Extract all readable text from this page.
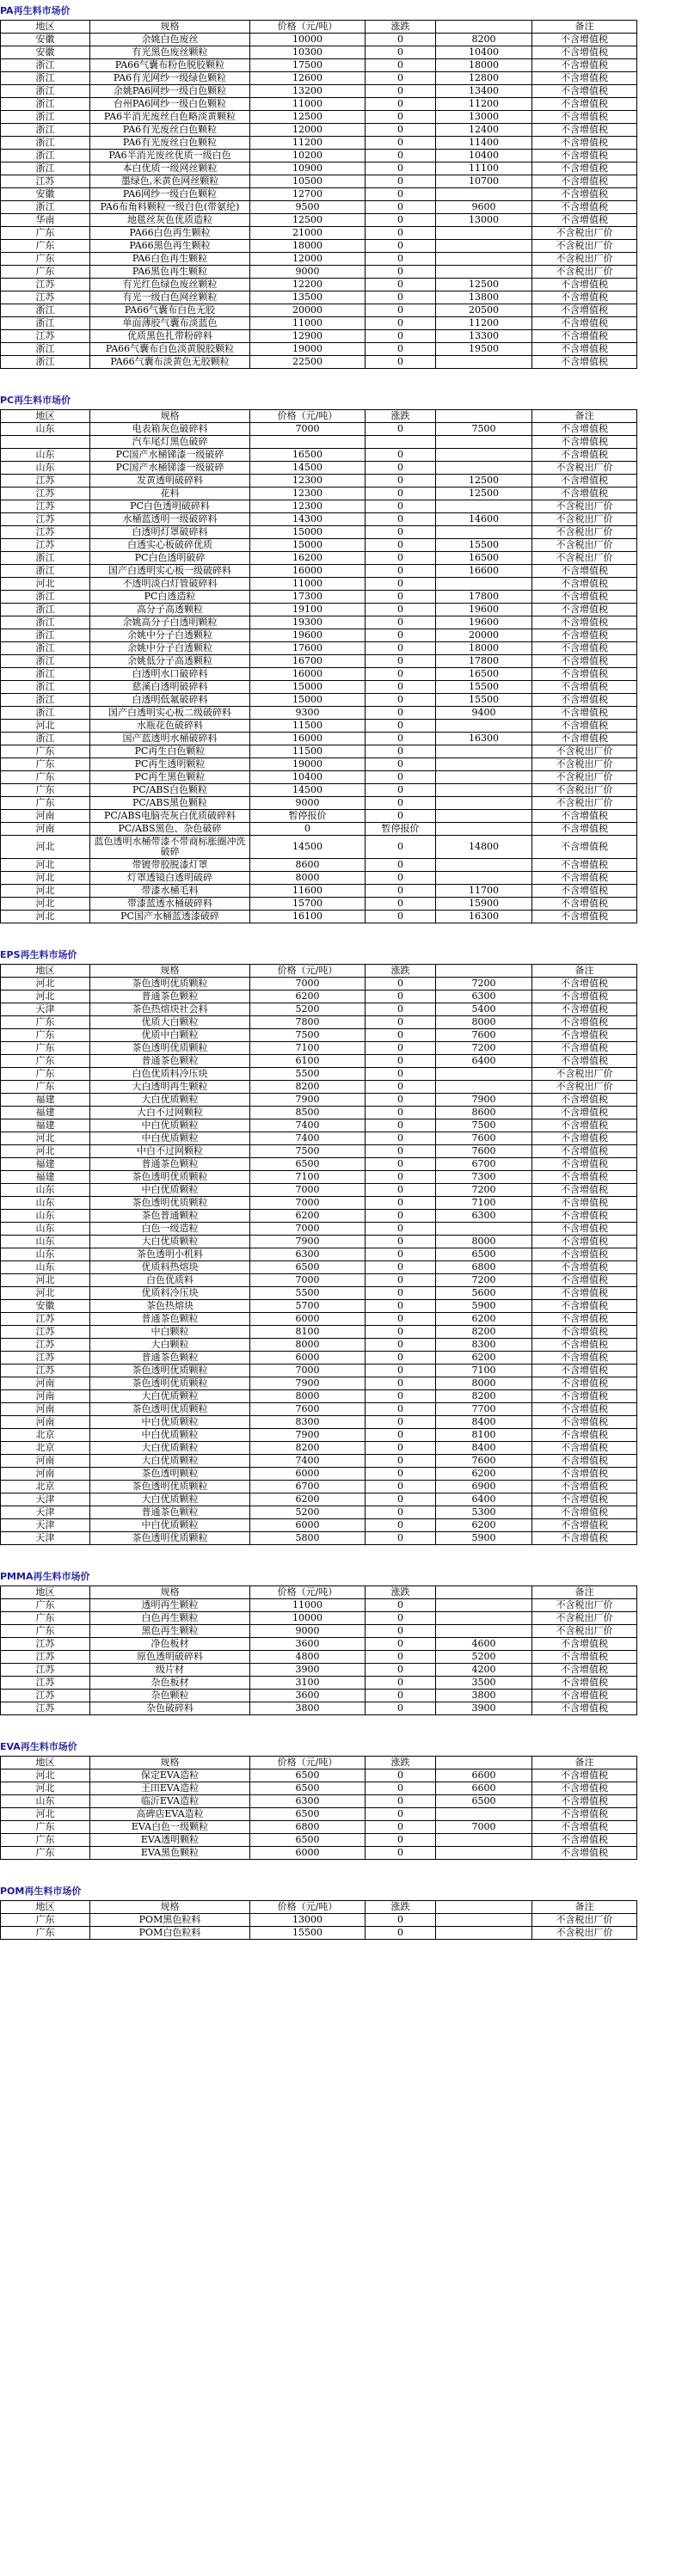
PA再生料市场价
地区	规格	价格（元/吨）	涨跌		备注
安徽	余姚白色废丝	10000	0	8200	不含增值税
安徽	有光黑色废丝颗粒	10300	0	10400	不含增值税
浙江	PA66气囊布粉色脱胶颗粒	17500	0	18000	不含增值税
浙江	PA6有光网纱一级绿色颗粒	12600	0	12800	不含增值税
浙江	余姚PA6网纱一级白色颗粒	13200	0	13400	不含增值税
浙江	台州PA6网纱一级白色颗粒	11000	0	11200	不含增值税
浙江	PA6半消光废丝白色略淡黄颗粒	12500	0	13000	不含增值税
浙江	PA6有光废丝白色颗粒	12000	0	12400	不含增值税
浙江	PA6有光废丝白色颗粒	11200	0	11400	不含增值税
浙江	PA6半消光废丝优质一级白色	10200	0	10400	不含增值税
浙江	本白优质一级网丝颗粒	10900	0	11100	不含增值税
江苏	墨绿色,米黄色网丝颗粒	10500	0	10700	不含增值税
安徽	PA6网纱一级白色颗粒	12700	0		不含增值税
浙江	PA6布角料颗粒一级白色(带氨纶)	9500	0	9600	不含增值税
华南	地毯丝灰色优质造粒	12500	0	13000	不含增值税
广东	PA66白色再生颗粒	21000	0		不含税出厂价
广东	PA66黑色再生颗粒	18000	0		不含税出厂价
广东	PA6白色再生颗粒	12000	0		不含税出厂价
广东	PA6黑色再生颗粒	9000	0		不含税出厂价
江苏	有光红色绿色废丝颗粒	12200	0	12500	不含增值税
江苏	有光一级白色网丝颗粒	13500	0	13800	不含增值税
浙江	PA66气囊布白色无胶	20000	0	20500	不含增值税
浙江	单面薄胶气囊布淡蓝色	11000	0	11200	不含增值税
江苏	优质黑色扎带粉碎料	12900	0	13300	不含增值税
浙江	PA66气囊布白色淡黄脱胶颗粒	19000	0	19500	不含增值税
浙江	PA66气囊布淡黄色无胶颗粒	22500	0		不含增值税
PC再生料市场价
地区	规格	价格（元/吨）	涨跌		备注
山东	电表箱灰色破碎料	7000	0	7500	不含增值税
	汽车尾灯黑色破碎				不含增值税
山东	PC国产水桶锑漆一级破碎	16500	0		不含增值税
山东	PC国产水桶锑漆一级破碎	14500	0		不含税出厂价
江苏	发黄透明破碎料	12300	0	12500	不含增值税
江苏	花料	12300	0	12500	不含增值税
江苏	PC白色透明破碎料	12300	0		不含税出厂价
江苏	水桶蓝透明一级破碎料	14300	0	14600	不含税出厂价
江苏	白透明灯罩破碎料	15000	0		不含税出厂价
江苏	白透实心板破碎优质	15000	0	15500	不含税出厂价
浙江	PC白色透明破碎	16200	0	16500	不含税出厂价
浙江	国产白透明实心板一级破碎料	16000	0	16600	不含增值税
河北	不透明淡白灯管破碎料	11000	0		不含增值税
浙江	PC白透造粒	17300	0	17800	不含增值税
浙江	高分子高透颗粒	19100	0	19600	不含增值税
浙江	余姚高分子白透明颗粒	19300	0	19600	不含增值税
浙江	余姚中分子白透颗粒	19600	0	20000	不含增值税
浙江	余姚中分子白透颗粒	17600	0	18000	不含增值税
浙江	余姚低分子高透颗粒	16700	0	17800	不含增值税
浙江	白透明水口破碎料	16000	0	16500	不含增值税
浙江	慈溪白透明破碎料	15000	0	15500	不含增值税
浙江	白透明低氟破碎料	15000	0	15500	不含增值税
浙江	国产白透明实心板二级破碎料	9300	0	9400	不含增值税
河北	水瓶花色破碎料	11500	0		不含增值税
浙江	国产蓝透明水桶破碎料	16000	0	16300	不含增值税
广东	PC再生白色颗粒	11500	0		不含税出厂价
广东	PC再生透明颗粒	19000	0		不含税出厂价
广东	PC再生黑色颗粒	10400	0		不含税出厂价
广东	PC/ABS白色颗粒	14500	0		不含税出厂价
广东	PC/ABS黑色颗粒	9000	0		不含税出厂价
河南	PC/ABS电脑壳灰白优质破碎料	暂停报价	0		不含增值税
河南	PC/ABS黑色、杂色破碎	0	暂停报价		不含增值税
河北	蓝色透明水桶带漆不带商标胀圈冲洗破碎	14500	0	14800	不含增值税
河北	带镀带胶脱漆灯罩	8600	0		不含增值税
河北	灯罩透镜白透明破碎	8000	0		不含增值税
河北	带漆水桶毛料	11600	0	11700	不含增值税
河北	带漆蓝透水桶破碎料	15700	0	15900	不含增值税
河北	PC国产水桶蓝透漆破碎	16100	0	16300	不含增值税
EPS再生料市场价
地区	规格	价格（元/吨）	涨跌		备注
河北	茶色透明优质颗粒	7000	0	7200	不含增值税
河北	普通茶色颗粒	6200	0	6300	不含增值税
天津	茶色热熔块社会料	5200	0	5400	不含增值税
广东	优质大白颗粒	7800	0	8000	不含增值税
广东	优质中白颗粒	7500	0	7600	不含增值税
广东	茶色透明优质颗粒	7100	0	7200	不含增值税
广东	普通茶色颗粒	6100	0	6400	不含增值税
广东	白色优质料冷压块	5500	0		不含税出厂价
广东	大白透明再生颗粒	8200	0		不含税出厂价
福建	大白优质颗粒	7900	0	7900	不含增值税
福建	大白不过网颗粒	8500	0	8600	不含增值税
福建	中白优质颗粒	7400	0	7500	不含增值税
河北	中白优质颗粒	7400	0	7600	不含增值税
河北	中白不过网颗粒	7500	0	7600	不含增值税
福建	普通茶色颗粒	6500	0	6700	不含增值税
福建	茶色透明优质颗粒	7100	0	7300	不含增值税
山东	中白优质颗粒	7000	0	7200	不含增值税
山东	茶色透明优质颗粒	7000	0	7100	不含增值税
山东	茶色普通颗粒	6200	0	6300	不含增值税
山东	白色一级造粒	7000	0		不含增值税
山东	大白优质颗粒	7900	0	8000	不含增值税
山东	茶色透明小机料	6300	0	6500	不含增值税
山东	优质料热熔块	6500	0	6800	不含增值税
河北	白色优质料	7000	0	7200	不含增值税
河北	优质料冷压块	5500	0	5600	不含增值税
安徽	茶色热熔块	5700	0	5900	不含增值税
江苏	普通茶色颗粒	6000	0	6200	不含增值税
江苏	中白颗粒	8100	0	8200	不含增值税
江苏	大白颗粒	8000	0	8300	不含增值税
江苏	普通茶色颗粒	6000	0	6200	不含增值税
江苏	茶色透明优质颗粒	7000	0	7100	不含增值税
河南	茶色透明优质颗粒	7900	0	8000	不含增值税
河南	大白优质颗粒	8000	0	8200	不含增值税
河南	茶色透明优质颗粒	7600	0	7700	不含增值税
河南	中白优质颗粒	8300	0	8400	不含增值税
北京	中白优质颗粒	7900	0	8100	不含增值税
北京	大白优质颗粒	8200	0	8400	不含增值税
河南	大白优质颗粒	7400	0	7600	不含增值税
河南	茶色透明颗粒	6000	0	6200	不含增值税
北京	茶色透明优质颗粒	6700	0	6900	不含增值税
天津	大白优质颗粒	6200	0	6400	不含增值税
天津	普通茶色颗粒	5200	0	5300	不含增值税
天津	中白优质颗粒	6000	0	6200	不含增值税
天津	茶色透明优质颗粒	5800	0	5900	不含增值税
PMMA再生料市场价
地区	规格	价格（元/吨）	涨跌		备注
广东	透明再生颗粒	11000	0		不含税出厂价
广东	白色再生颗粒	10000	0		不含税出厂价
广东	黑色再生颗粒	9000	0		不含税出厂价
江苏	净色板材	3600	0	4600	不含增值税
江苏	原色透明破碎料	4800	0	5200	不含增值税
江苏	级片材	3900	0	4200	不含增值税
江苏	杂色板材	3100	0	3500	不含增值税
江苏	杂色颗粒	3600	0	3800	不含增值税
江苏	杂色破碎料	3800	0	3900	不含增值税
EVA再生料市场价
地区	规格	价格（元/吨）	涨跌		备注
河北	保定EVA造粒	6500	0	6600	不含增值税
河北	王田EVA造粒	6500	0	6600	不含增值税
山东	临沂EVA造粒	6300	0	6500	不含增值税
河北	高碑店EVA造粒	6500	0		不含增值税
广东	EVA白色一级颗粒	6800	0	7000	不含增值税
广东	EVA透明颗粒	6500	0		不含增值税
广东	EVA黑色颗粒	6000	0		不含增值税
POM再生料市场价
地区	规格	价格（元/吨）	涨跌		备注
广东	POM黑色粒料	13000	0		不含税出厂价
广东	POM白色粒料	15500	0		不含税出厂价
